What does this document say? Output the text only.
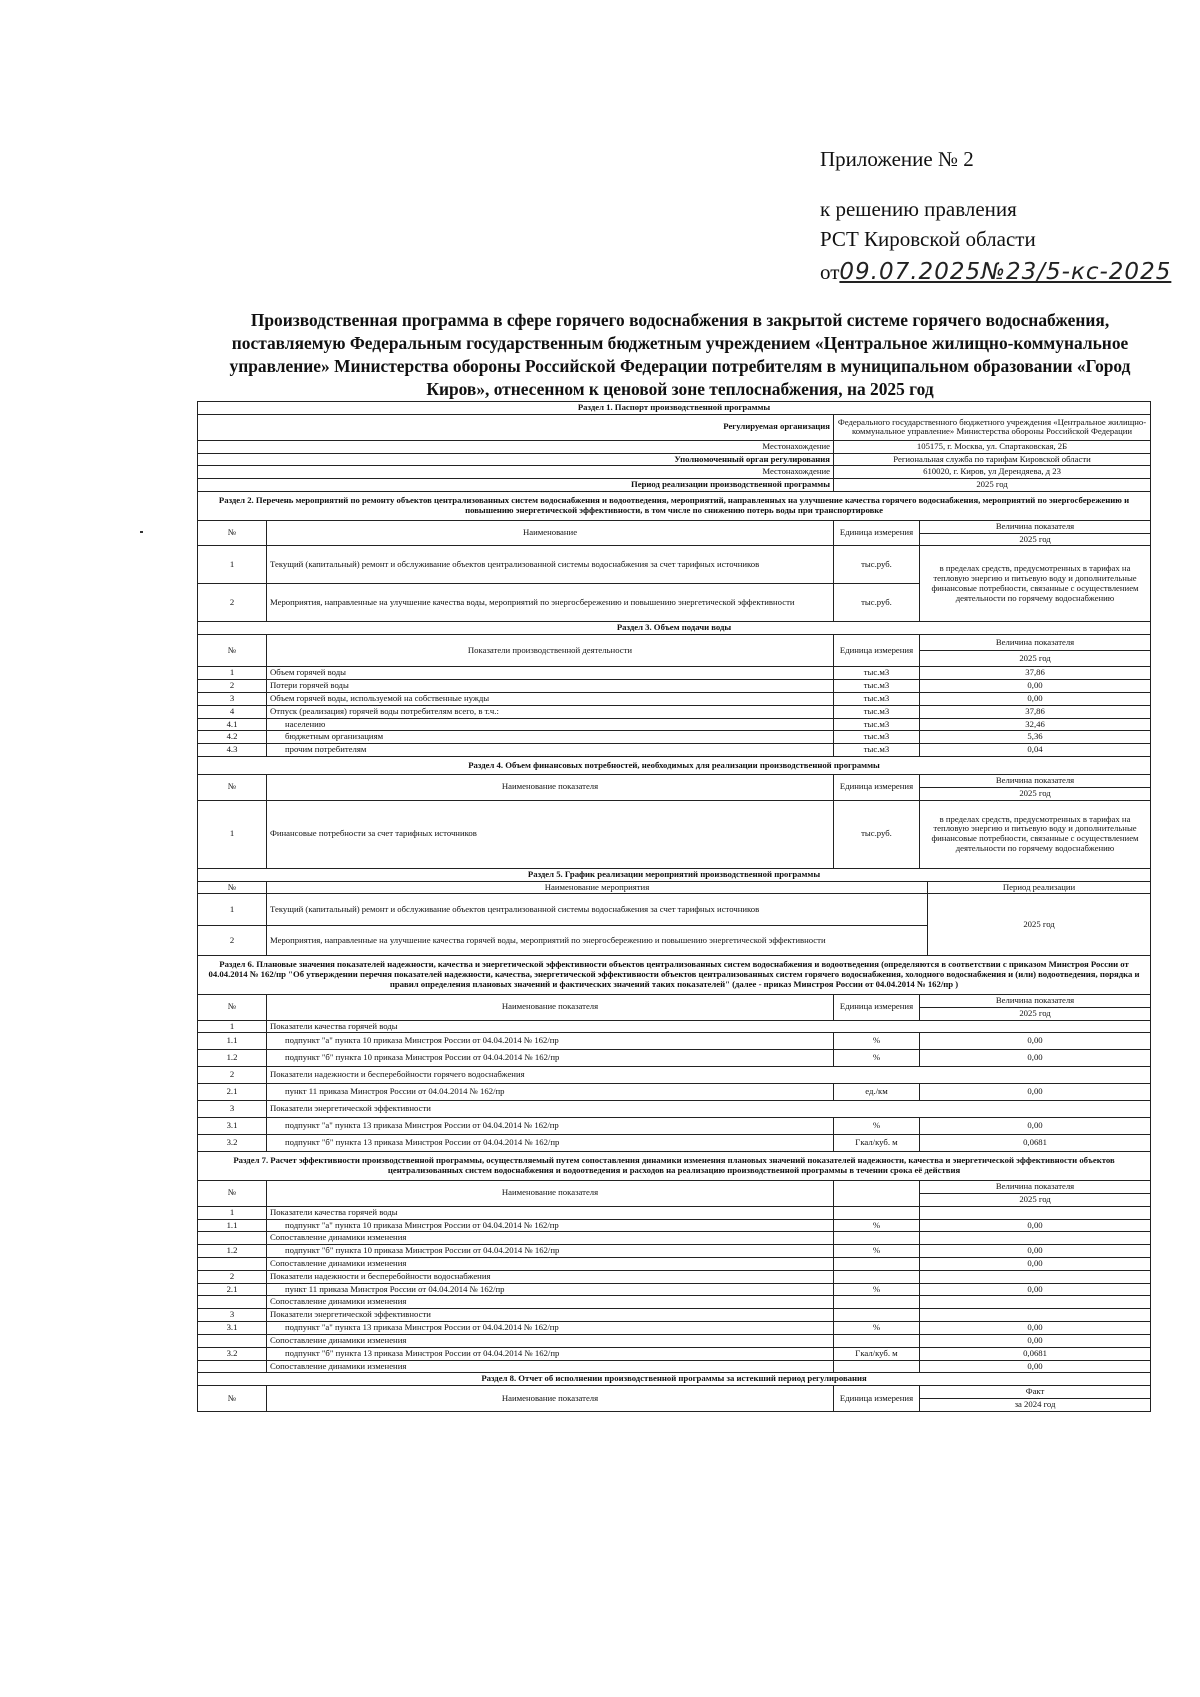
Приложение № 2
к решению правления
РСТ Кировской области
от09.07.2025№23/5-кс-2025
Производственная программа в сфере горячего водоснабжения в закрытой системе горячего водоснабжения, поставляемую Федеральным государственным бюджетным учреждением «Центральное жилищно-коммунальное управление» Министерства обороны Российской Федерации потребителям в муниципальном образовании «Город Киров», отнесенном к ценовой зоне теплоснабжения, на 2025 год
Раздел 1. Паспорт производственной программы				
Регулируемая организация		Федерального государственного бюджетного учреждения «Центральное жилищно-коммунальное управление» Министерства обороны Российской Федерации		
Местонахождение		105175, г. Москва, ул. Спартаковская, 2Б		
Уполномоченный орган регулирования		Региональная служба по тарифам Кировской области		
Местонахождение		610020, г. Киров, ул Дерендяева, д 23		
Период реализации производственной программы		2025 год		
Раздел 2. Перечень мероприятий по ремонту объектов централизованных систем водоснабжения и водоотведения, мероприятий, направленных на улучшение качества горячего водоснабжения, мероприятий по энергосбережению и повышению энергетической эффективности, в том числе по снижению потерь воды при транспортировке				
№	Наименование	Единица измерения	Величина показателя	
			2025 год	
1	Текущий (капитальный) ремонт и обслуживание объектов централизованной системы водоснабжения за счет тарифных источников	тыс.руб.	в пределах средств, предусмотренных в тарифах на тепловую энергию и питьевую воду и дополнительные финансовые потребности, связанные с осуществлением деятельности по горячему водоснабжению	
2	Мероприятия, направленные на улучшение качества воды, мероприятий по энергосбережению и повышению энергетической эффективности	тыс.руб.		
Раздел 3. Объем подачи воды				
№	Показатели производственной деятельности	Единица измерения	Величина показателя	
			2025 год	
1	Объем горячей воды	тыс.м3	37,86	
2	Потери горячей воды	тыс.м3	0,00	
3	Объем горячей воды, используемой на собственные нужды	тыс.м3	0,00	
4	Отпуск (реализация) горячей воды потребителям всего, в т.ч.:	тыс.м3	37,86	
4.1	населению	тыс.м3	32,46	
4.2	бюджетным организациям	тыс.м3	5,36	
4.3	прочим потребителям	тыс.м3	0,04	
Раздел 4. Объем финансовых потребностей, необходимых для реализации производственной программы				
№	Наименование показателя	Единица измерения	Величина показателя	
			2025 год	
1	Финансовые потребности за счет тарифных источников	тыс.руб.	в пределах средств, предусмотренных в тарифах на тепловую энергию и питьевую воду и дополнительные финансовые потребности, связанные с осуществлением деятельности по горячему водоснабжению	
Раздел 5. График реализации мероприятий производственной программы				
№	Наименование мероприятия			Период реализации
1	Текущий (капитальный) ремонт и обслуживание объектов централизованной системы водоснабжения за счет тарифных источников			2025 год
2	Мероприятия, направленные на улучшение качества горячей воды, мероприятий по энергосбережению и повышению энергетической эффективности			
Раздел 6. Плановые значения показателей надежности, качества и энергетической эффективности объектов централизованных систем водоснабжения и водоотведения (определяются в соответствии с приказом Минстроя России от 04.04.2014 № 162/пр "Об утверждении перечня показателей надежности, качества, энергетической эффективности объектов централизованных систем горячего водоснабжения, холодного водоснабжения и (или) водоотведения, порядка и правил определения плановых значений и фактических значений таких показателей" (далее - приказ Минстроя России от 04.04.2014 № 162/пр )				
№	Наименование показателя	Единица измерения	Величина показателя	
			2025 год	
1	Показатели качества горячей воды			
1.1	подпункт "а" пункта 10 приказа Минстроя России от 04.04.2014 № 162/пр	%	0,00	
1.2	подпункт "б" пункта 10 приказа Минстроя России от 04.04.2014 № 162/пр	%	0,00	
2	Показатели надежности и бесперебойности горячего водоснабжения			
2.1	пункт 11 приказа Минстроя России от 04.04.2014 № 162/пр	ед./км	0,00	
3	Показатели энергетической эффективности			
3.1	подпункт "а" пункта 13 приказа Минстроя России от 04.04.2014 № 162/пр	%	0,00	
3.2	подпункт "б" пункта 13 приказа Минстроя России от 04.04.2014 № 162/пр	Гкал/куб. м	0,0681	
Раздел 7. Расчет эффективности производственной программы, осуществляемый путем сопоставления динамики изменения плановых значений показателей надежности, качества и энергетической эффективности объектов централизованных систем водоснабжения и водоотведения и расходов на реализацию производственной программы в течении срока её действия				
№	Наименование показателя		Величина показателя	
			2025 год	
1	Показатели качества горячей воды			
1.1	подпункт "а" пункта 10 приказа Минстроя России от 04.04.2014 № 162/пр	%	0,00	
	Сопоставление динамики изменения			
1.2	подпункт "б" пункта 10 приказа Минстроя России от 04.04.2014 № 162/пр	%	0,00	
	Сопоставление динамики изменения		0,00	
2	Показатели надежности и бесперебойности водоснабжения			
2.1	пункт 11 приказа Минстроя России от 04.04.2014 № 162/пр	%	0,00	
	Сопоставление динамики изменения			
3	Показатели энергетической эффективности			
3.1	подпункт "а" пункта 13 приказа Минстроя России от 04.04.2014 № 162/пр	%	0,00	
	Сопоставление динамики изменения		0,00	
3.2	подпункт "б" пункта 13 приказа Минстроя России от 04.04.2014 № 162/пр	Гкал/куб. м	0,0681	
	Сопоставление динамики изменения		0,00	
Раздел 8. Отчет об исполнении производственной программы за истекший период регулирования				
№	Наименование показателя	Единица измерения	Факт	
			за 2024 год	
